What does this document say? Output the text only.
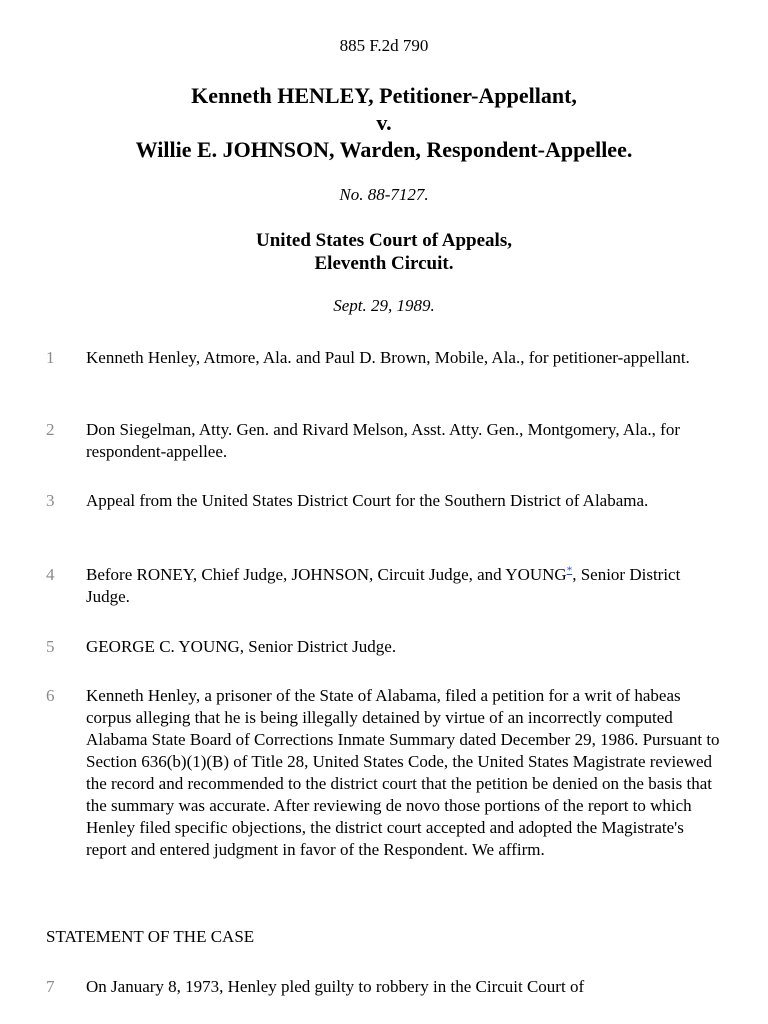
885 F.2d 790
Kenneth HENLEY, Petitioner-Appellant,
v.
Willie E. JOHNSON, Warden, Respondent-Appellee.
No. 88-7127.
United States Court of Appeals,
Eleventh Circuit.
Sept. 29, 1989.
1 Kenneth Henley, Atmore, Ala. and Paul D. Brown, Mobile, Ala., for petitioner-appellant.
2 Don Siegelman, Atty. Gen. and Rivard Melson, Asst. Atty. Gen., Montgomery, Ala., for respondent-appellee.
3 Appeal from the United States District Court for the Southern District of Alabama.
4 Before RONEY, Chief Judge, JOHNSON, Circuit Judge, and YOUNG*, Senior District Judge.
5 GEORGE C. YOUNG, Senior District Judge.
6 Kenneth Henley, a prisoner of the State of Alabama, filed a petition for a writ of habeas corpus alleging that he is being illegally detained by virtue of an incorrectly computed Alabama State Board of Corrections Inmate Summary dated December 29, 1986. Pursuant to Section 636(b)(1)(B) of Title 28, United States Code, the United States Magistrate reviewed the record and recommended to the district court that the petition be denied on the basis that the summary was accurate. After reviewing de novo those portions of the report to which Henley filed specific objections, the district court accepted and adopted the Magistrate's report and entered judgment in favor of the Respondent. We affirm.
STATEMENT OF THE CASE
7 On January 8, 1973, Henley pled guilty to robbery in the Circuit Court of
